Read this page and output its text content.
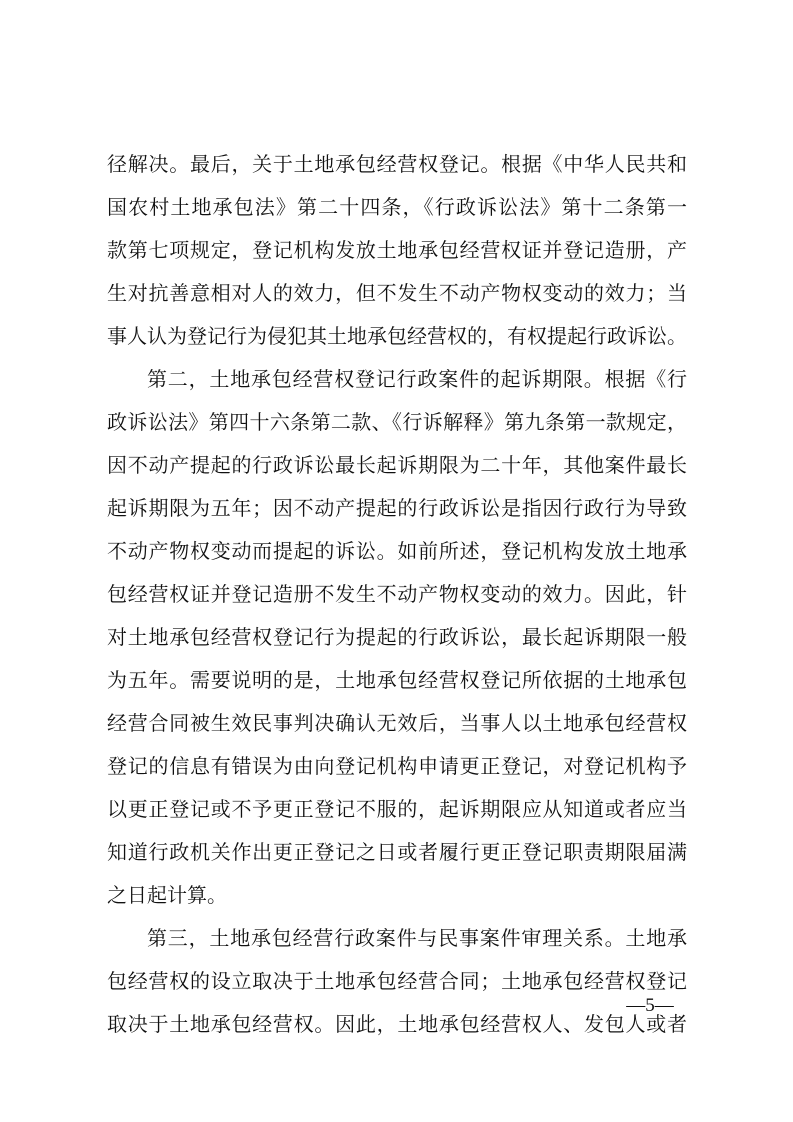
径解决。最后，关于土地承包经营权登记。根据《中华人民共和
国农村土地承包法》第二十四条，《行政诉讼法》第十二条第一
款第七项规定，登记机构发放土地承包经营权证并登记造册，产
生对抗善意相对人的效力，但不发生不动产物权变动的效力；当
事人认为登记行为侵犯其土地承包经营权的，有权提起行政诉讼。
第二，土地承包经营权登记行政案件的起诉期限。根据《行
政诉讼法》第四十六条第二款、《行诉解释》第九条第一款规定，
因不动产提起的行政诉讼最长起诉期限为二十年，其他案件最长
起诉期限为五年；因不动产提起的行政诉讼是指因行政行为导致
不动产物权变动而提起的诉讼。如前所述，登记机构发放土地承
包经营权证并登记造册不发生不动产物权变动的效力。因此，针
对土地承包经营权登记行为提起的行政诉讼，最长起诉期限一般
为五年。需要说明的是，土地承包经营权登记所依据的土地承包
经营合同被生效民事判决确认无效后，当事人以土地承包经营权
登记的信息有错误为由向登记机构申请更正登记，对登记机构予
以更正登记或不予更正登记不服的，起诉期限应从知道或者应当
知道行政机关作出更正登记之日或者履行更正登记职责期限届满
之日起计算。
第三，土地承包经营行政案件与民事案件审理关系。土地承
包经营权的设立取决于土地承包经营合同；土地承包经营权登记
取决于土地承包经营权。因此，土地承包经营权人、发包人或者
—5—
